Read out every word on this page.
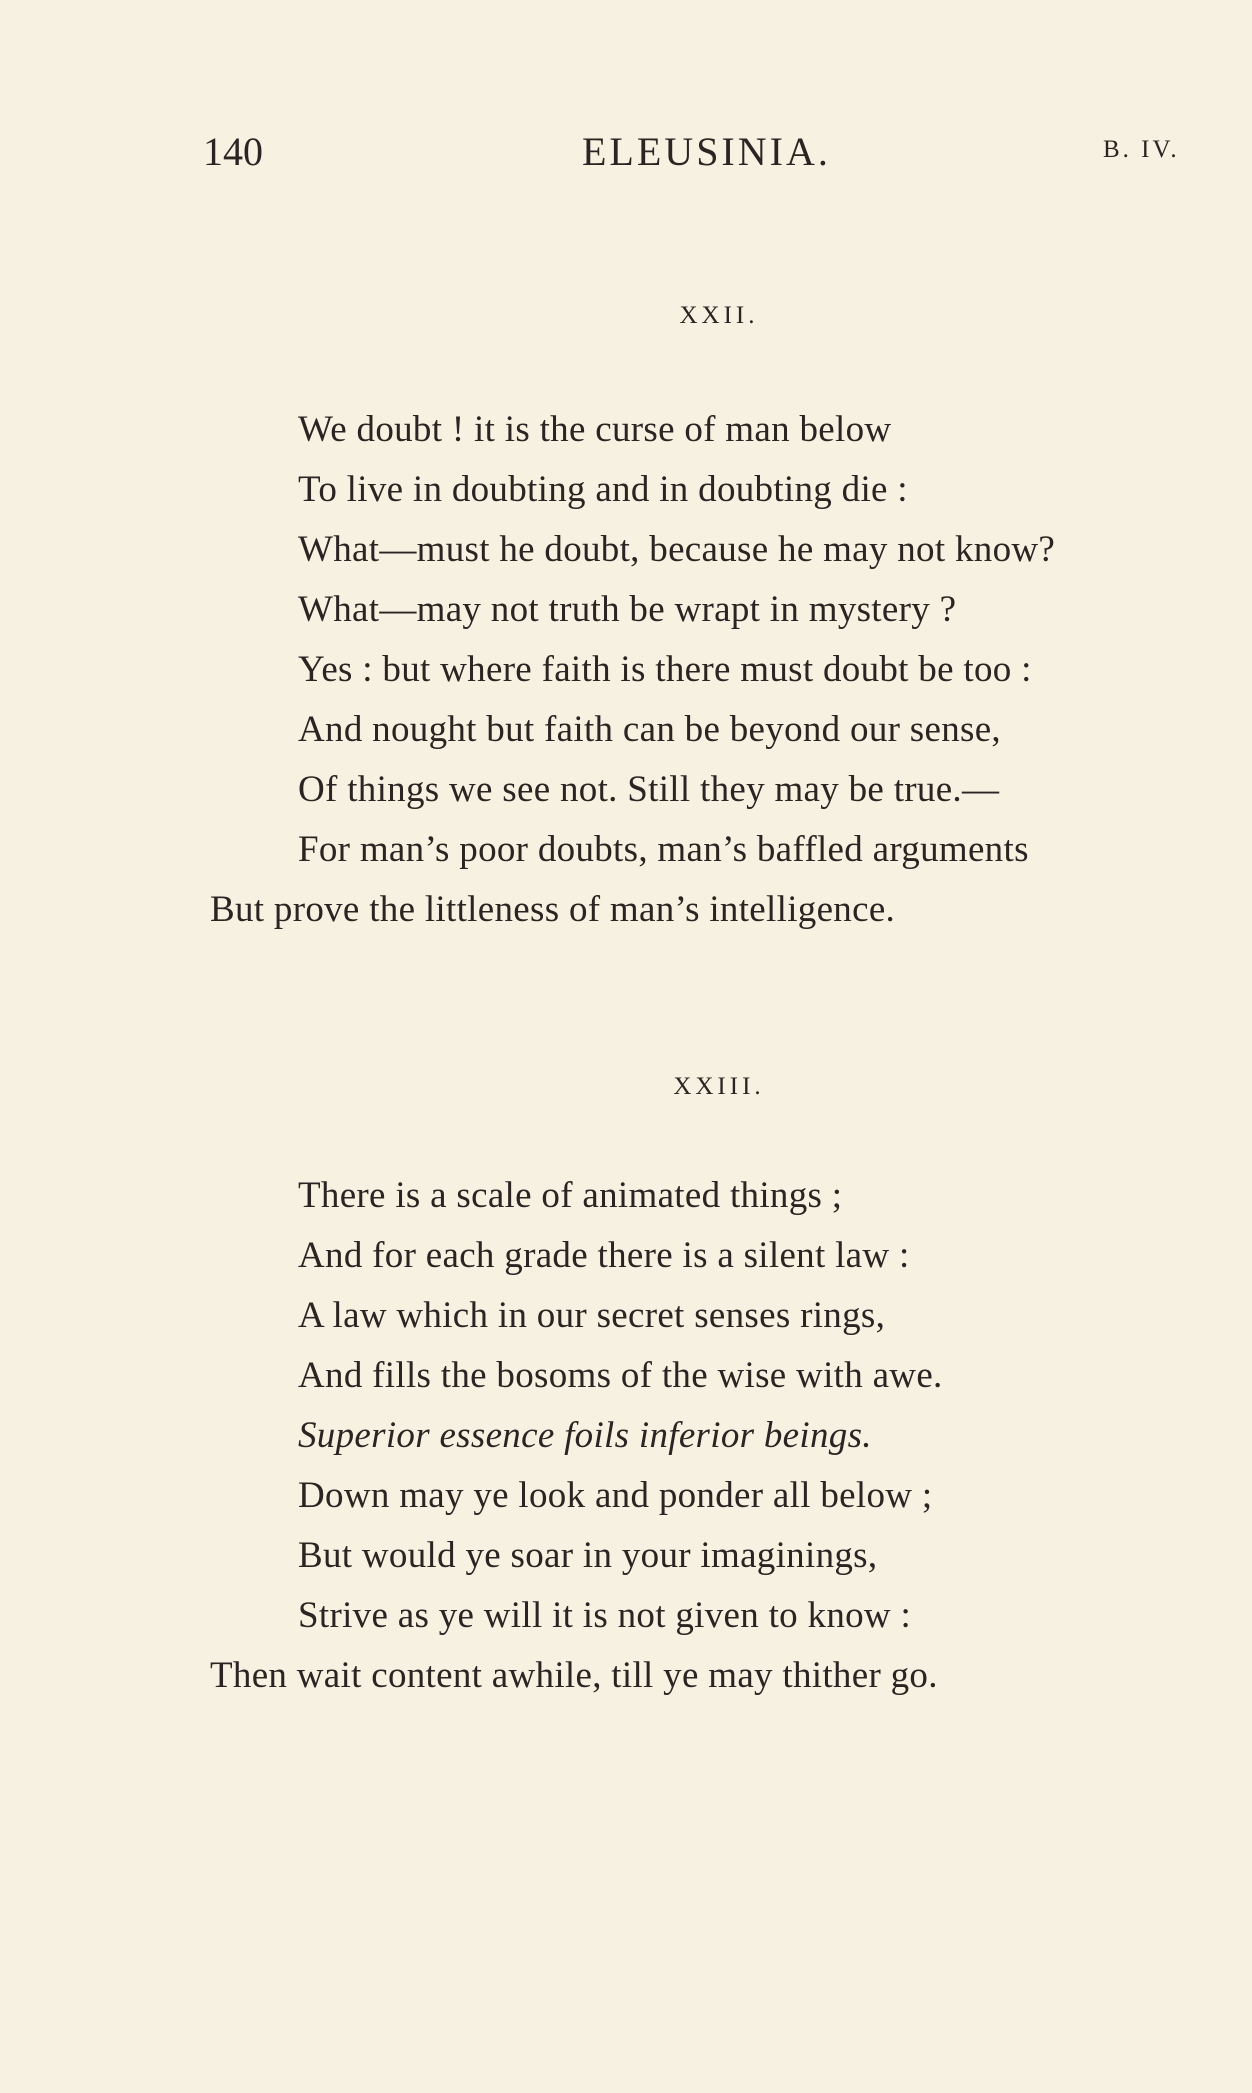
140	ELEUSINIA.	B. IV.
XXII.
We doubt ! it is the curse of man below
To live in doubting and in doubting die :
What—must he doubt, because he may not know?
What—may not truth be wrapt in mystery ?
Yes : but where faith is there must doubt be too :
And nought but faith can be beyond our sense,
Of things we see not. Still they may be true.—
For man’s poor doubts, man’s baffled arguments
But prove the littleness of man’s intelligence.
XXIII.
There is a scale of animated things ;
And for each grade there is a silent law :
A law which in our secret senses rings,
And fills the bosoms of the wise with awe.
Superior essence foils inferior beings.
Down may ye look and ponder all below ;
But would ye soar in your imaginings,
Strive as ye will it is not given to know :
Then wait content awhile, till ye may thither go.
